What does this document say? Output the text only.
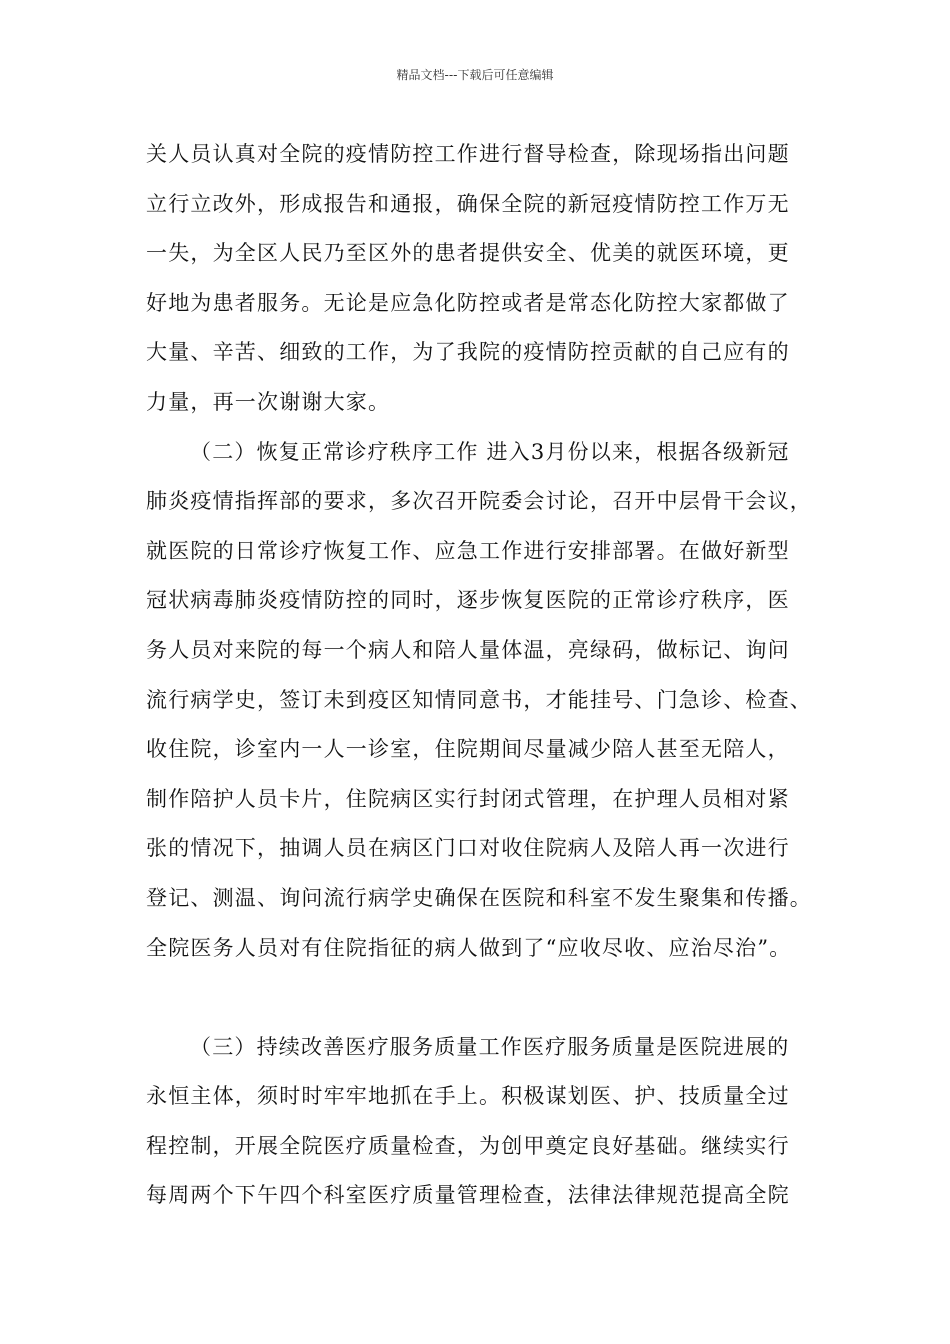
精品文档---下载后可任意编辑
关人员认真对全院的疫情防控工作进行督导检查，除现场指出问题
立行立改外，形成报告和通报，确保全院的新冠疫情防控工作万无
一失，为全区人民乃至区外的患者提供安全、优美的就医环境，更
好地为患者服务。无论是应急化防控或者是常态化防控大家都做了
大量、辛苦、细致的工作，为了我院的疫情防控贡献的自己应有的
力量，再一次谢谢大家。
（二）恢复正常诊疗秩序工作 进入3月份以来，根据各级新冠
肺炎疫情指挥部的要求，多次召开院委会讨论，召开中层骨干会议，
就医院的日常诊疗恢复工作、应急工作进行安排部署。在做好新型
冠状病毒肺炎疫情防控的同时，逐步恢复医院的正常诊疗秩序，医
务人员对来院的每一个病人和陪人量体温，亮绿码，做标记、询问
流行病学史，签订未到疫区知情同意书，才能挂号、门急诊、检查、
收住院，诊室内一人一诊室，住院期间尽量减少陪人甚至无陪人，
制作陪护人员卡片，住院病区实行封闭式管理，在护理人员相对紧
张的情况下，抽调人员在病区门口对收住院病人及陪人再一次进行
登记、测温、询问流行病学史确保在医院和科室不发生聚集和传播。
全院医务人员对有住院指征的病人做到了“应收尽收、应治尽治”。
（三）持续改善医疗服务质量工作医疗服务质量是医院进展的
永恒主体，须时时牢牢地抓在手上。积极谋划医、护、技质量全过
程控制，开展全院医疗质量检查，为创甲奠定良好基础。继续实行
每周两个下午四个科室医疗质量管理检查，法律法律规范提高全院
